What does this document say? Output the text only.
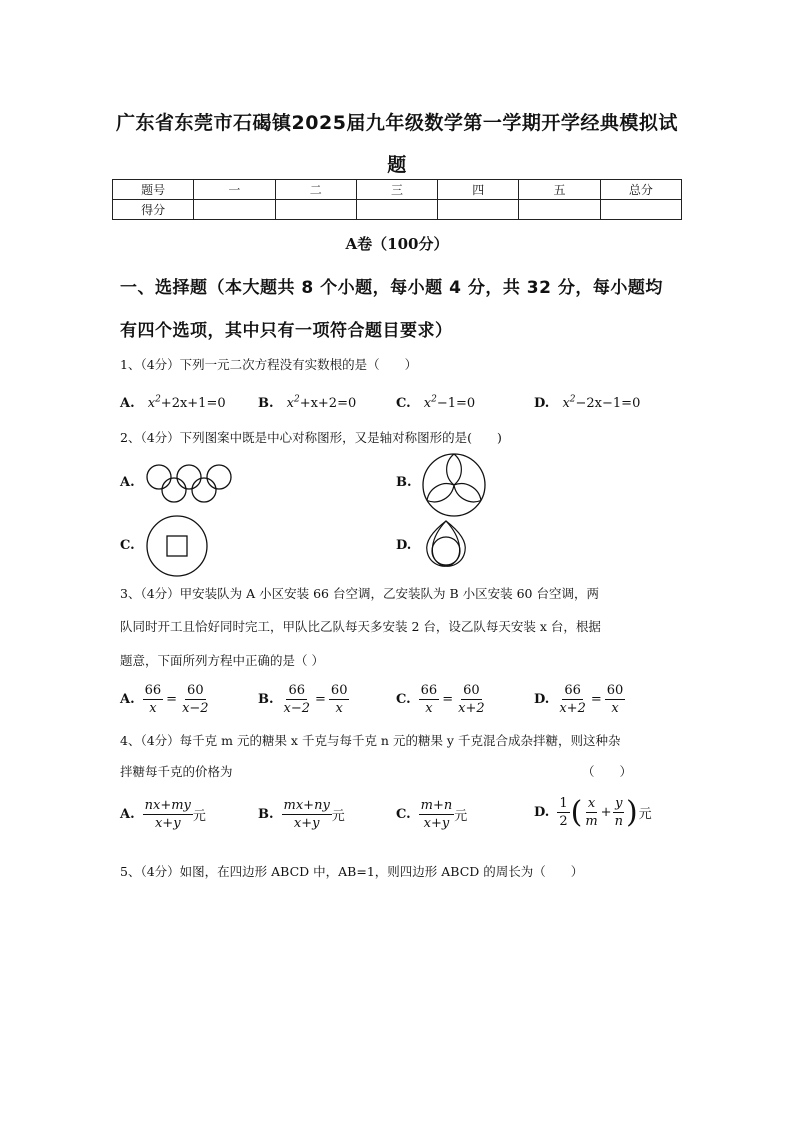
广东省东莞市石碣镇2025届九年级数学第一学期开学经典模拟试
题
题号	一	二	三	四	五	总分
得分						
A卷（100分）
一、选择题（本大题共 8 个小题，每小题 4 分，共 32 分，每小题均
有四个选项，其中只有一项符合题目要求）
1、（4分）下列一元二次方程没有实数根的是（　　）
A. $x^2+2x+1=0$ B. $x^2+x+2=0$	C. $x^2-1=0$	D. $x^2-2x-1=0$
2、（4分）下列图案中既是中心对称图形，又是轴对称图形的是(　　)
A.	B.
C.	D.
3、（4分）甲安装队为 A 小区安装 66 台空调，乙安装队为 B 小区安装 60 台空调，两
队同时开工且恰好同时完工，甲队比乙队每天多安装 2 台，设乙队每天安装 x 台，根据
题意，下面所列方程中正确的是（ ）
A. $\frac{66}{x} = \frac{60}{x-2}$	B. $\frac{66}{x-2} = \frac{60}{x}$	C. $\frac{66}{x} = \frac{60}{x+2}$	D. $\frac{66}{x+2} = \frac{60}{x}$
4、（4分）每千克 m 元的糖果 x 千克与每千克 n 元的糖果 y 千克混合成杂拌糖，则这种杂
拌糖每千克的价格为	（　　）
A. $\frac{nx+my}{x+y}$ 元	B. $\frac{mx+ny}{x+y}$ 元	C. $\frac{m+n}{x+y}$ 元	D. $\frac{1}{2}$ ( $\frac{x}{m} + \frac{y}{n}$ ) 元
5、（4分）如图，在四边形 ABCD 中，AB=1，则四边形 ABCD 的周长为（　　）
